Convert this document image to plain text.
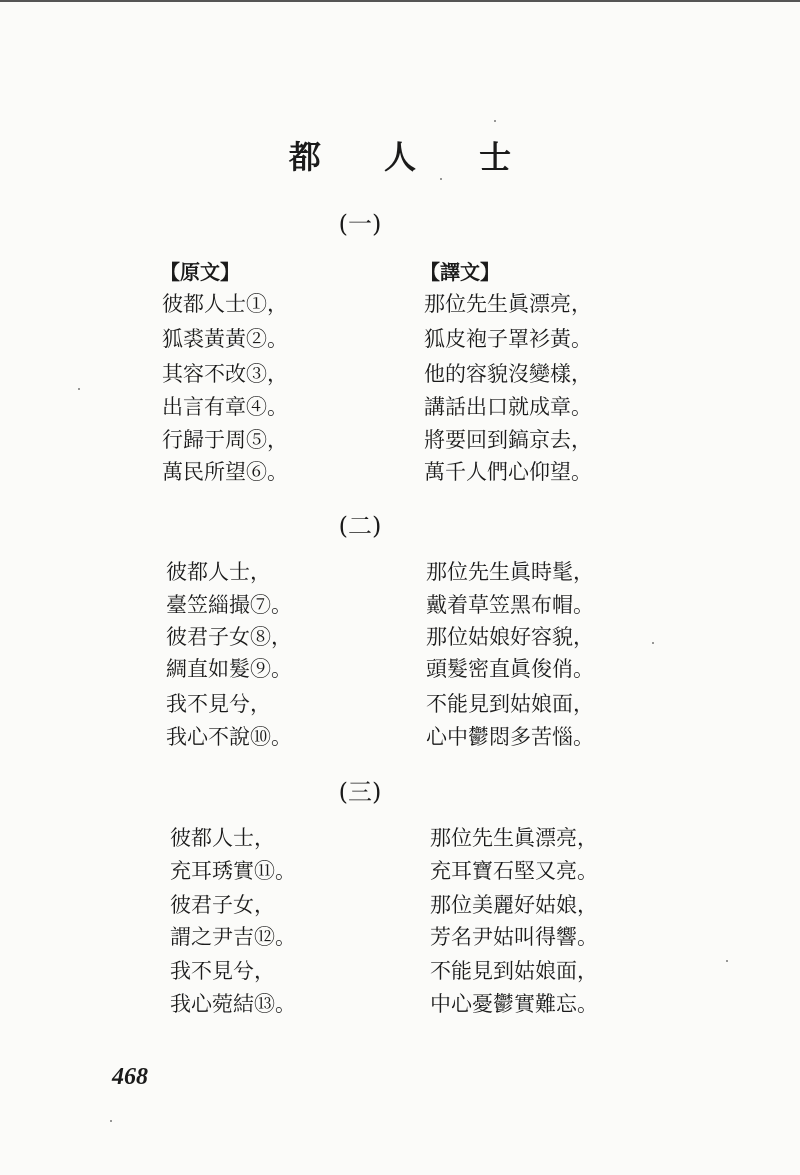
都 人 士
(一)
【原文】	【譯文】
彼都人士①，
狐裘黃黃②。
其容不改③，
出言有章④。
行歸于周⑤，
萬民所望⑥。
那位先生眞漂亮，
狐皮袍子罩衫黃。
他的容貌沒變樣，
講話出口就成章。
將要回到鎬京去，
萬千人們心仰望。
(二)
彼都人士，
臺笠緇撮⑦。
彼君子女⑧，
綢直如髮⑨。
我不見兮，
我心不說⑩。
那位先生眞時髦，
戴着草笠黑布帽。
那位姑娘好容貌，
頭髮密直眞俊俏。
不能見到姑娘面，
心中鬱悶多苦惱。
(三)
彼都人士，
充耳琇實⑪。
彼君子女，
謂之尹吉⑫。
我不見兮，
我心菀結⑬。
那位先生眞漂亮，
充耳寶石堅又亮。
那位美麗好姑娘，
芳名尹姑叫得響。
不能見到姑娘面，
中心憂鬱實難忘。
468
